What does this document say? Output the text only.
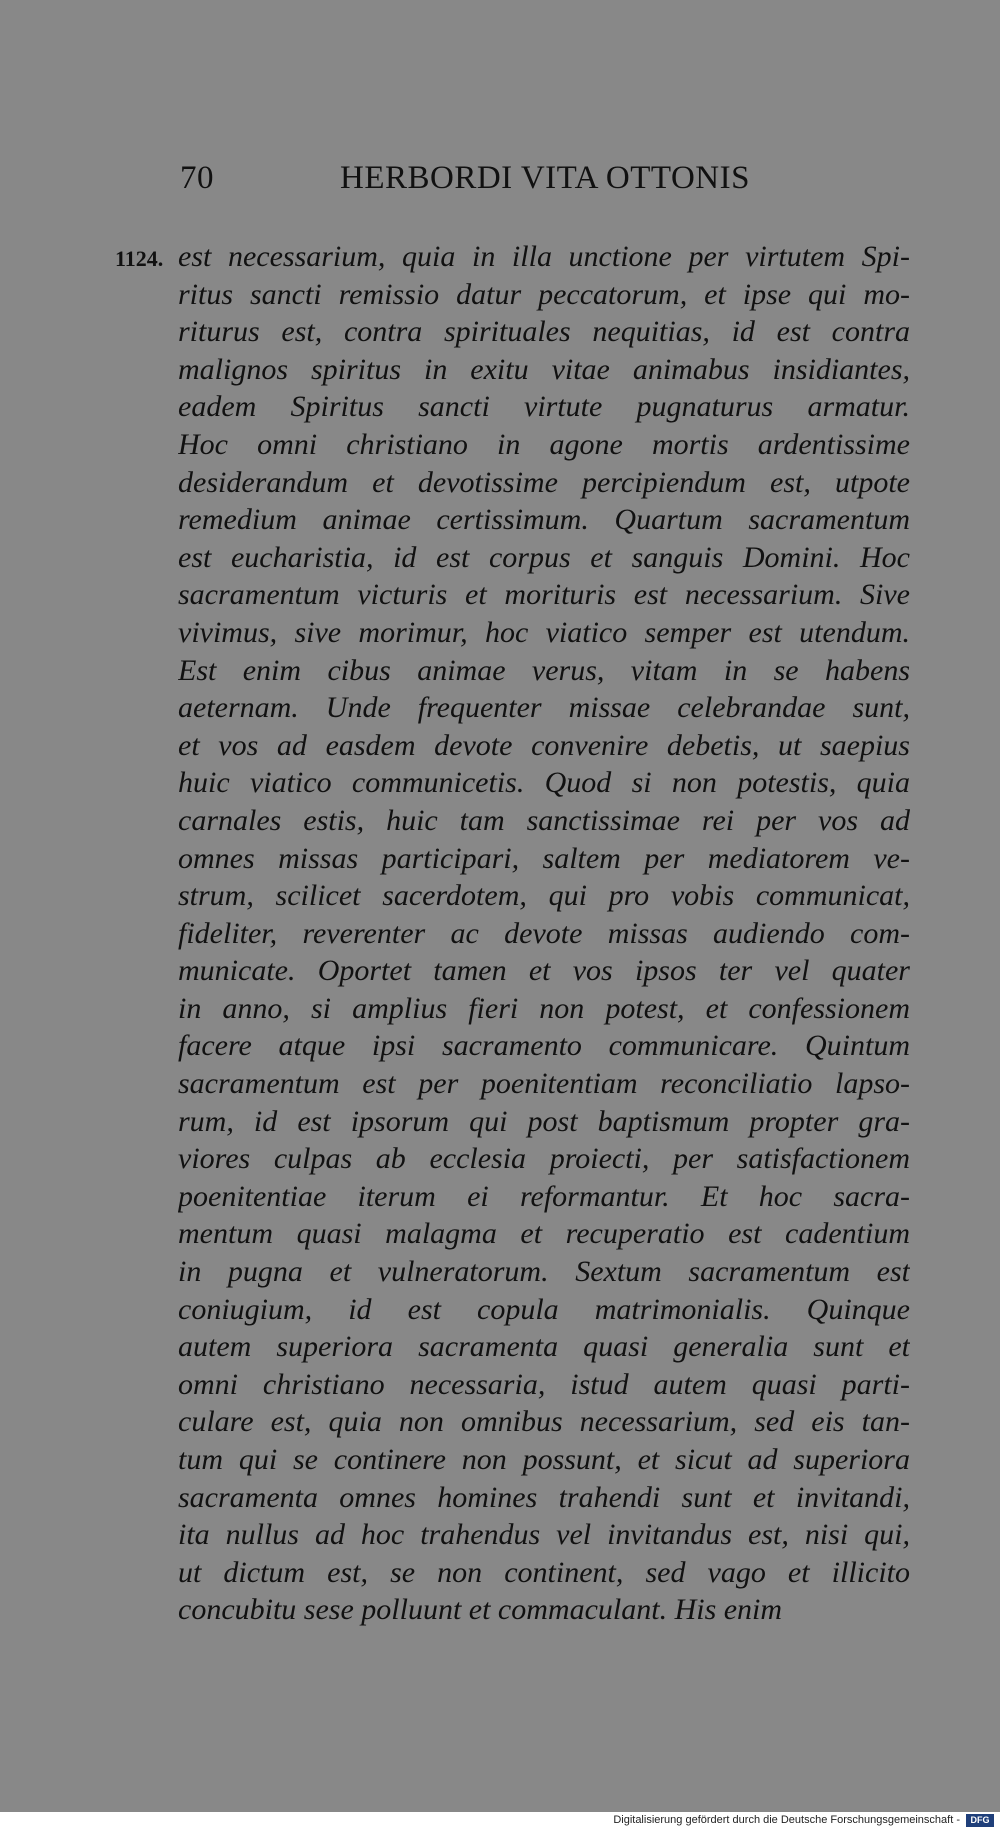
70	HERBORDI VITA OTTONIS
1124. est necessarium, quia in illa unctione per virtutem Spi-
ritus sancti remissio datur peccatorum, et ipse qui mo-
riturus est, contra spirituales nequitias, id est contra
malignos spiritus in exitu vitae animabus insidiantes,
eadem Spiritus sancti virtute pugnaturus armatur.
Hoc omni christiano in agone mortis ardentissime
desiderandum et devotissime percipiendum est, utpote
remedium animae certissimum. Quartum sacramentum
est eucharistia, id est corpus et sanguis Domini. Hoc
sacramentum victuris et morituris est necessarium. Sive
vivimus, sive morimur, hoc viatico semper est utendum.
Est enim cibus animae verus, vitam in se habens
aeternam. Unde frequenter missae celebrandae sunt,
et vos ad easdem devote convenire debetis, ut saepius
huic viatico communicetis. Quod si non potestis, quia
carnales estis, huic tam sanctissimae rei per vos ad
omnes missas participari, saltem per mediatorem ve-
strum, scilicet sacerdotem, qui pro vobis communicat,
fideliter, reverenter ac devote missas audiendo com-
municate. Oportet tamen et vos ipsos ter vel quater
in anno, si amplius fieri non potest, et confessionem
facere atque ipsi sacramento communicare. Quintum
sacramentum est per poenitentiam reconciliatio lapso-
rum, id est ipsorum qui post baptismum propter gra-
viores culpas ab ecclesia proiecti, per satisfactionem
poenitentiae iterum ei reformantur. Et hoc sacra-
mentum quasi malagma et recuperatio est cadentium
in pugna et vulneratorum. Sextum sacramentum est
coniugium, id est copula matrimonialis. Quinque
autem superiora sacramenta quasi generalia sunt et
omni christiano necessaria, istud autem quasi parti-
culare est, quia non omnibus necessarium, sed eis tan-
tum qui se continere non possunt, et sicut ad superiora
sacramenta omnes homines trahendi sunt et invitandi,
ita nullus ad hoc trahendus vel invitandus est, nisi qui,
ut dictum est, se non continent, sed vago et illicito
concubitu sese polluunt et commaculant. His enim
Digitalisierung gefördert durch die Deutsche Forschungsgemeinschaft -	DFG
